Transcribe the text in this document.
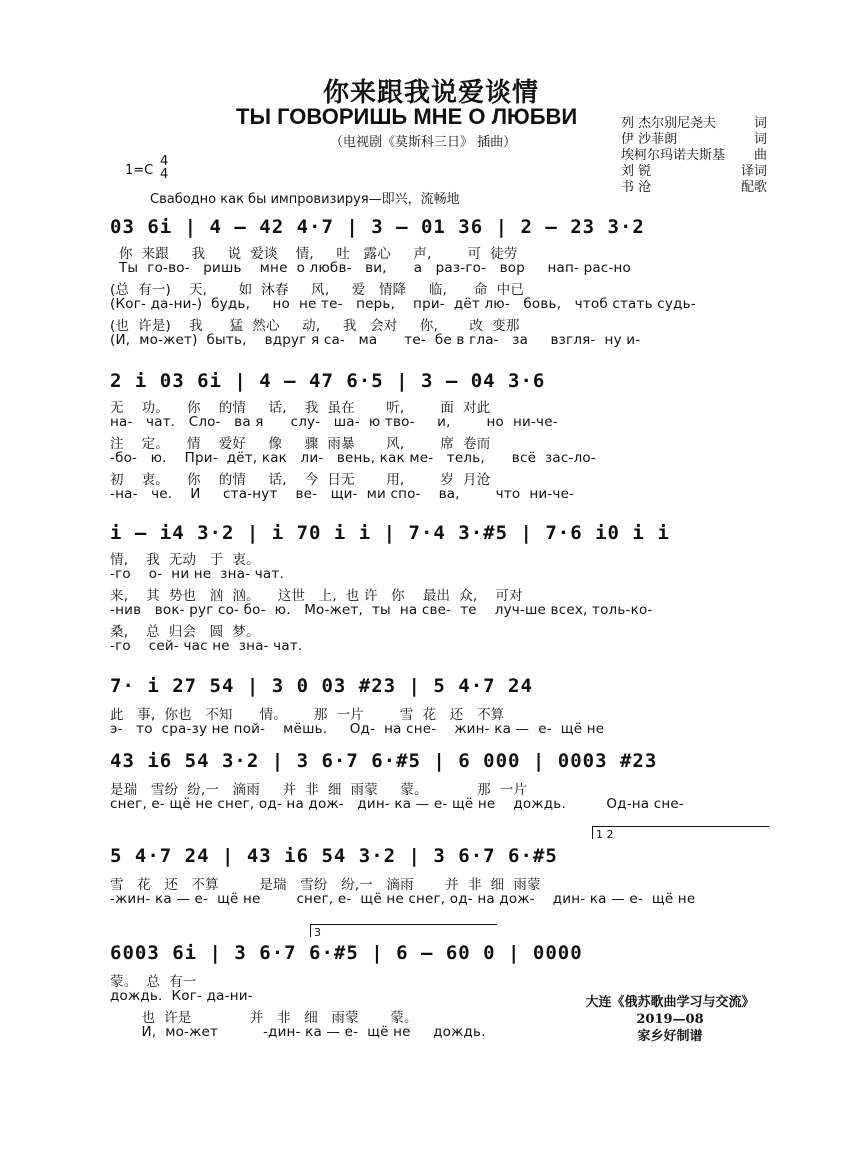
你来跟我说爱谈情
ТЫ ГОВОРИШЬ МНЕ О ЛЮБВИ
（电视剧《莫斯科三日》 插曲）
列 杰尔别尼尧夫	词
伊 沙菲朗	词
埃柯尔玛诺夫斯基 曲
刘 锐	译词
书 沧	配歌
1=C
4
4
Свабодно как бы импровизируя—即兴，流畅地
03 6i | 4 – 42 4·7 | 3 – 01 36 | 2 – 23 3·2
你  来跟     我     说  爱谈    情,     吐   露心     声,        可  徒劳
Ты  го-во-   ришь    мне  о любв-   ви,      а   раз-го-   вор     нап- рас-но
(总  有一)    天,       如  沐春     风,     爱   情降     临,      命  中已
(Ког- да-ни-)  будь,     но  не те-   перь,    при-  дёт лю-   бовь,   чтоб стать судь-
(也  许是)    我      猛  然心     动,     我   会对     你,       改  变那
(И,  мо-жет)  быть,    вдруг я са-   ма      те-  бе в гла-   за     взгля-  ну и-
2 i 03 6i | 4 – 47 6·5 | 3 – 04 3·6
无    功。    你    的情     话,    我  虽在       听,        面  对此
на-   чат.   Сло-   ва я      слу-   ша-  ю тво-     и,        но  ни-че-
注    定。    情    爱好     像     骤  雨暴       风,        席  卷而
-бо-   ю.    При-  дёт, как   ли-   вень, как ме-   тель,      всё  зас-ло-
初    衷。    你    的情     话,    今  日无       用,        岁  月沧
-на-   че.    И     ста-нут    ве-   щи-  ми спо-    ва,        что  ни-че-
i – i4 3·2 | i 70 i i | 7·4 3·#5 | 7·6 i0 i i
情,    我  无动   于  衷。
-го    о-  ни не  зна- чат.
来,    其  势也   汹  汹。    这世   上,  也 许   你    最出  众,    可对
-нив   вок- руг со- бо-  ю.   Мо-жет,  ты  на све-  те    луч-ше всех, толь-ко-
桑,    总  归会   圆  梦。
-го    сей- час не  зна- чат.
7· i 27 54 | 3 0 03 #23 | 5 4·7 24
此   事,  你也   不知      情。      那  一片        雪  花   还   不算
э-   то  сра-зу не пой-    мёшь.     Од-  на сне-    жин- ка —  е-  щё не
43 i6 54 3·2 | 3 6·7 6·#5 | 6 000 | 0003 #23
是瑞   雪纷  纷,一   滴雨     并  非  细  雨蒙     蒙。           那  一片
снег, е- щё не снег, од- на дож-   дин- ка — е- щё не    дождь.         Од-на сне-
1 2
5 4·7 24 | 43 i6 54 3·2 | 3 6·7 6·#5
雪   花   还   不算         是瑞   雪纷   纷,一   滴雨       并  非  细  雨蒙
-жин- ка — е-  щё не        снег, е-  щё не снег, од- на дож-    дин- ка — е-  щё не
3
6003 6i | 3 6·7 6·#5 | 6 – 60 0 | 0000
蒙。  总  有一
дождь.  Ког- да-ни-
也  许是             并   非   细   雨蒙       蒙。
И,  мо-жет          -дин- ка — е-  щё не     дождь.
大连《俄苏歌曲学习与交流》
2019—08
家乡好制谱
